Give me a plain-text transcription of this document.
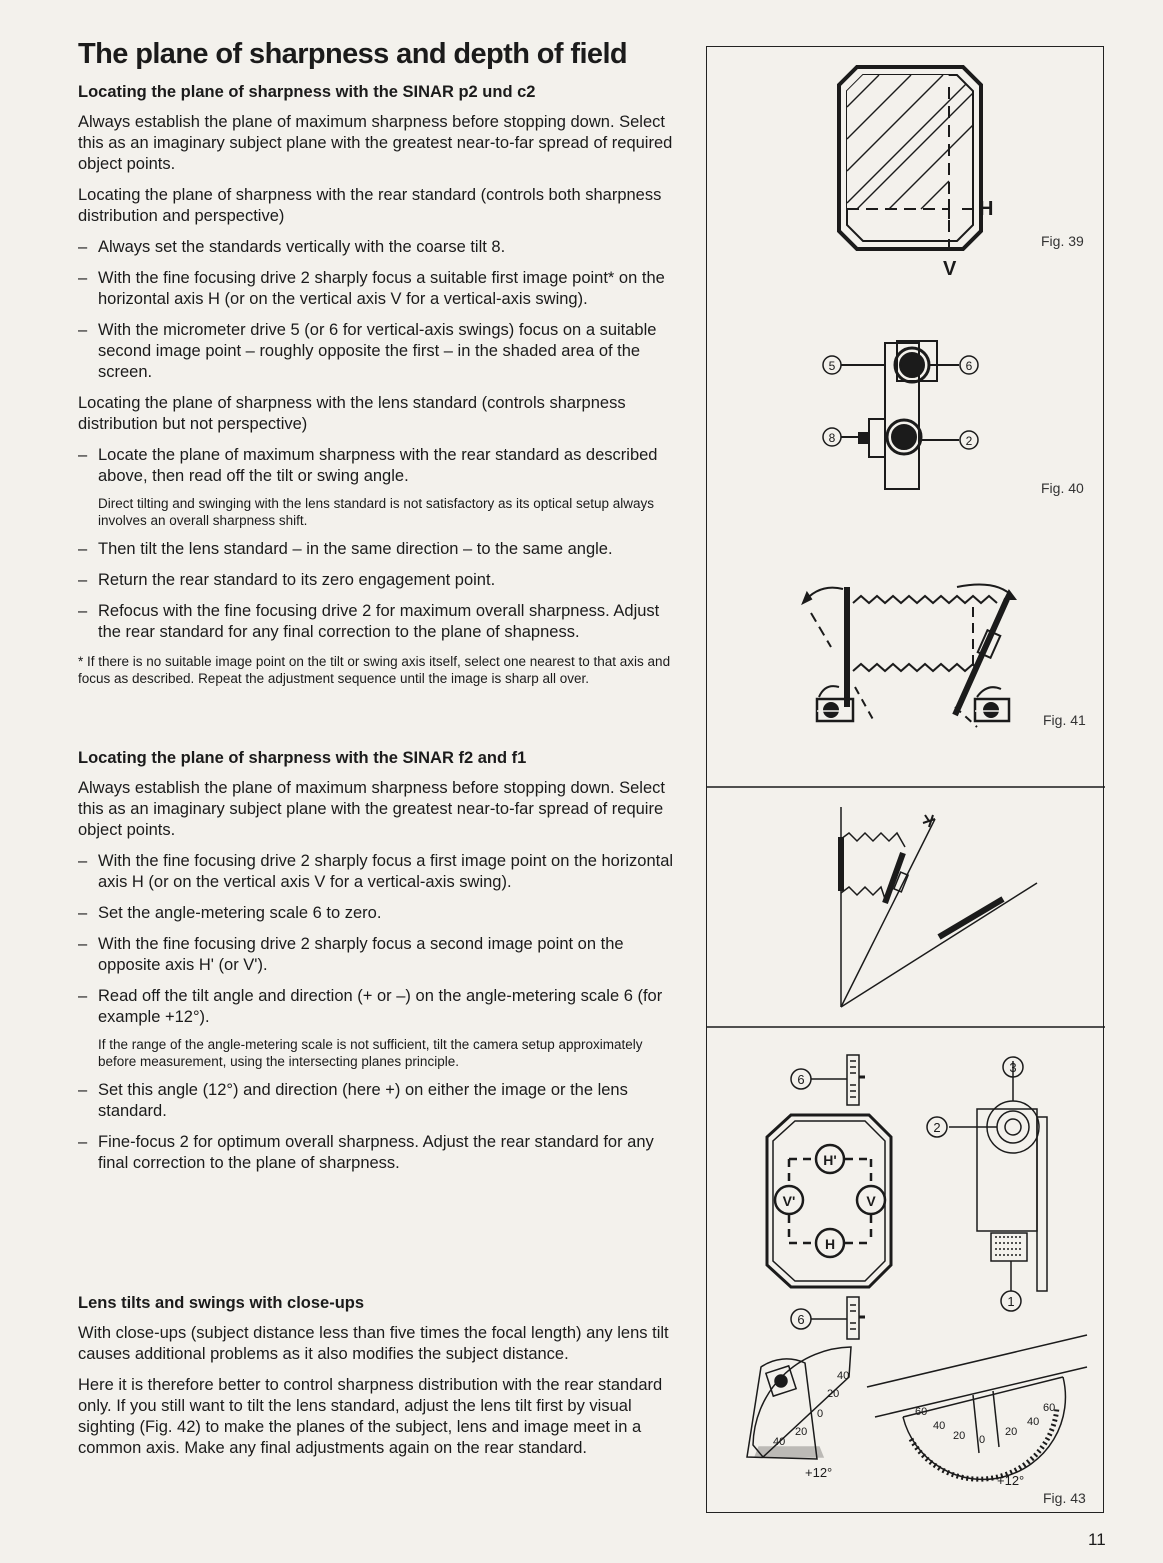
The plane of sharpness and depth of field
Locating the plane of sharpness with the SINAR p2 und c2

Always establish the plane of maximum sharpness before stopping down. Select this as an imaginary subject plane with the greatest near-to-far spread of required object points.

Locating the plane of sharpness with the rear standard (controls both sharpness distribution and perspective)

– Always set the standards vertically with the coarse tilt 8.

– With the fine focusing drive 2 sharply focus a suitable first image point* on the horizontal axis H (or on the vertical axis V for a vertical-axis swing).

– With the micrometer drive 5 (or 6 for vertical-axis swings) focus on a suitable second image point – roughly opposite the first – in the shaded area of the screen.

Locating the plane of sharpness with the lens standard (controls sharpness distribution but not perspective)

– Locate the plane of maximum sharpness with the rear standard as described above, then read off the tilt or swing angle.

Direct tilting and swinging with the lens standard is not satisfactory as its optical setup always involves an overall sharpness shift.

– Then tilt the lens standard – in the same direction – to the same angle.

– Return the rear standard to its zero engagement point.

– Refocus with the fine focusing drive 2 for maximum overall sharpness. Adjust the rear standard for any final correction to the plane of shapness.

* If there is no suitable image point on the tilt or swing axis itself, select one nearest to that axis and focus as described. Repeat the adjustment sequence until the image is sharp all over.

Locating the plane of sharpness with the SINAR f2 and f1

Always establish the plane of maximum sharpness before stopping down. Select this as an imaginary subject plane with the greatest near-to-far spread of require object points.

– With the fine focusing drive 2 sharply focus a first image point on the horizontal axis H (or on the vertical axis V for a vertical-axis swing).

– Set the angle-metering scale 6 to zero.

– With the fine focusing drive 2 sharply focus a second image point on the opposite axis H' (or V').

– Read off the tilt angle and direction (+ or –) on the angle-metering scale 6 (for example +12°).

If the range of the angle-metering scale is not sufficient, tilt the camera setup approximately before measurement, using the intersecting planes principle.

– Set this angle (12°) and direction (here +) on either the image or the lens standard.

– Fine-focus 2 for optimum overall sharpness. Adjust the rear standard for any final correction to the plane of sharpness.

Lens tilts and swings with close-ups

With close-ups (subject distance less than five times the focal length) any lens tilt causes additional problems as it also modifies the subject distance.

Here it is therefore better to control sharpness distribution with the rear standard only. If you still want to tilt the lens standard, adjust the lens tilt first by visual sighting (Fig. 42) to make the planes of the subject, lens and image meet in a common axis. Make any final adjustments again on the rear standard.

H
V
Fig. 39
5	6
8	2
Fig. 40
Fig. 41
6
H'
V'	V
H
6
3
2
1
40
20
0
20
40
+12°
60
40
20 0
20
40
60
+12°
Fig. 43
11
